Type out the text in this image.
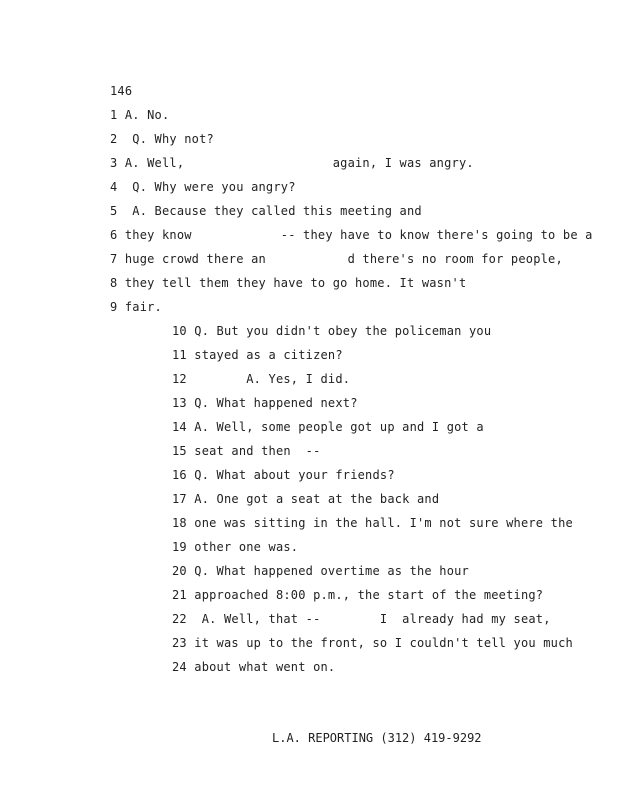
146
1 A. No.
2  Q. Why not?
3 A. Well,                    again, I was angry.
4  Q. Why were you angry?
5  A. Because they called this meeting and
6 they know            -- they have to know there's going to be a
7 huge crowd there an           d there's no room for people,
8 they tell them they have to go home. It wasn't
9 fair.
10 Q. But you didn't obey the policeman you
11 stayed as a citizen?
12        A. Yes, I did.
13 Q. What happened next?
14 A. Well, some people got up and I got a
15 seat and then  --
16 Q. What about your friends?
17 A. One got a seat at the back and
18 one was sitting in the hall. I'm not sure where the
19 other one was.
20 Q. What happened overtime as the hour
21 approached 8:00 p.m., the start of the meeting?
22  A. Well, that --        I  already had my seat,
23 it was up to the front, so I couldn't tell you much
24 about what went on.
L.A. REPORTING (312) 419-9292
